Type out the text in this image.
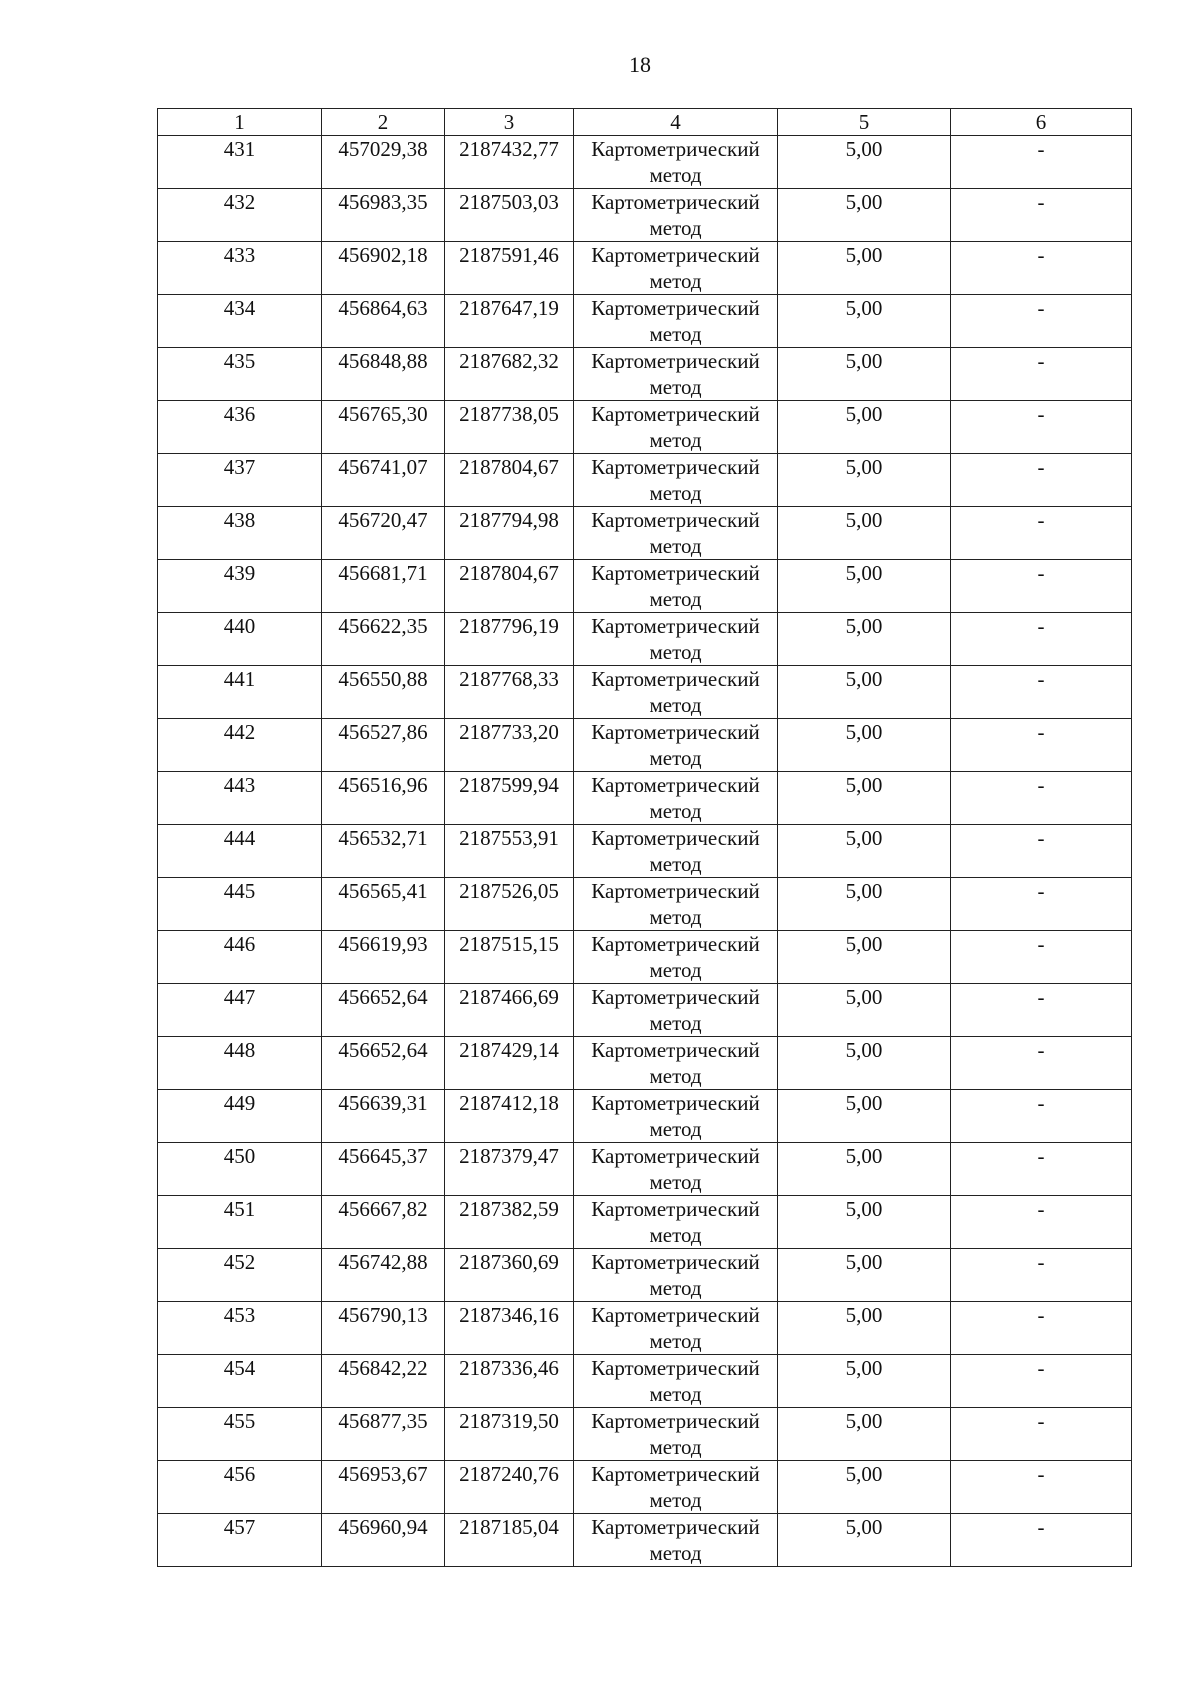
18
1	2	3	4	5	6
431	457029,38	2187432,77	Картометрический метод	5,00	-
432	456983,35	2187503,03	Картометрический метод	5,00	-
433	456902,18	2187591,46	Картометрический метод	5,00	-
434	456864,63	2187647,19	Картометрический метод	5,00	-
435	456848,88	2187682,32	Картометрический метод	5,00	-
436	456765,30	2187738,05	Картометрический метод	5,00	-
437	456741,07	2187804,67	Картометрический метод	5,00	-
438	456720,47	2187794,98	Картометрический метод	5,00	-
439	456681,71	2187804,67	Картометрический метод	5,00	-
440	456622,35	2187796,19	Картометрический метод	5,00	-
441	456550,88	2187768,33	Картометрический метод	5,00	-
442	456527,86	2187733,20	Картометрический метод	5,00	-
443	456516,96	2187599,94	Картометрический метод	5,00	-
444	456532,71	2187553,91	Картометрический метод	5,00	-
445	456565,41	2187526,05	Картометрический метод	5,00	-
446	456619,93	2187515,15	Картометрический метод	5,00	-
447	456652,64	2187466,69	Картометрический метод	5,00	-
448	456652,64	2187429,14	Картометрический метод	5,00	-
449	456639,31	2187412,18	Картометрический метод	5,00	-
450	456645,37	2187379,47	Картометрический метод	5,00	-
451	456667,82	2187382,59	Картометрический метод	5,00	-
452	456742,88	2187360,69	Картометрический метод	5,00	-
453	456790,13	2187346,16	Картометрический метод	5,00	-
454	456842,22	2187336,46	Картометрический метод	5,00	-
455	456877,35	2187319,50	Картометрический метод	5,00	-
456	456953,67	2187240,76	Картометрический метод	5,00	-
457	456960,94	2187185,04	Картометрический метод	5,00	-
